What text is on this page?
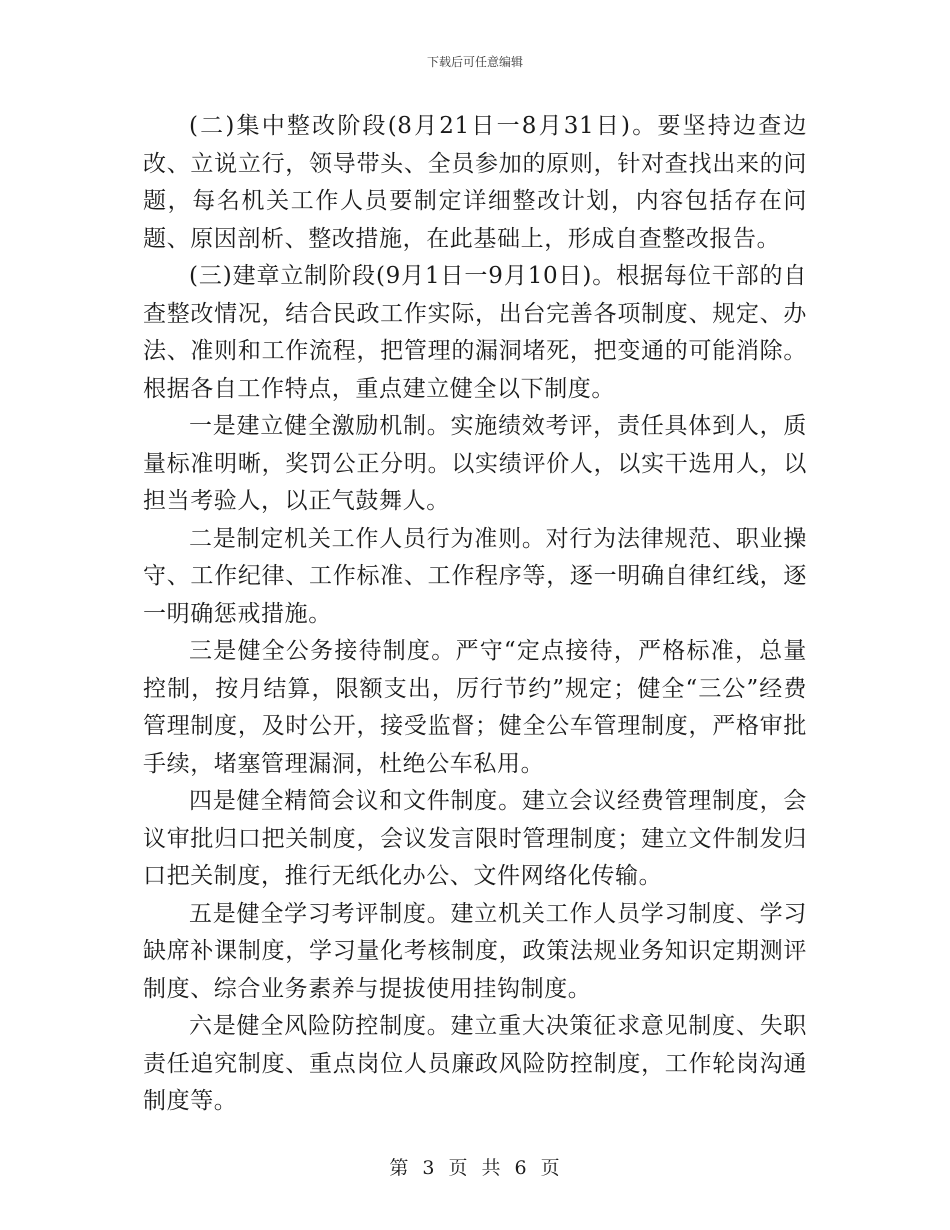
下载后可任意编辑

(二)集中整改阶段(8月21日一8月31日)。要坚持边查边改、立说立行，领导带头、全员参加的原则，针对查找出来的问题，每名机关工作人员要制定详细整改计划，内容包括存在问题、原因剖析、整改措施，在此基础上，形成自查整改报告。

(三)建章立制阶段(9月1日一9月10日)。根据每位干部的自查整改情况，结合民政工作实际，出台完善各项制度、规定、办法、准则和工作流程，把管理的漏洞堵死，把变通的可能消除。根据各自工作特点，重点建立健全以下制度。

一是建立健全激励机制。实施绩效考评，责任具体到人，质量标准明晰，奖罚公正分明。以实绩评价人，以实干选用人，以担当考验人，以正气鼓舞人。

二是制定机关工作人员行为准则。对行为法律规范、职业操守、工作纪律、工作标准、工作程序等，逐一明确自律红线，逐一明确惩戒措施。

三是健全公务接待制度。严守“定点接待，严格标准，总量控制，按月结算，限额支出，厉行节约”规定；健全“三公”经费管理制度，及时公开，接受监督；健全公车管理制度，严格审批手续，堵塞管理漏洞，杜绝公车私用。

四是健全精简会议和文件制度。建立会议经费管理制度，会议审批归口把关制度，会议发言限时管理制度；建立文件制发归口把关制度，推行无纸化办公、文件网络化传输。

五是健全学习考评制度。建立机关工作人员学习制度、学习缺席补课制度，学习量化考核制度，政策法规业务知识定期测评制度、综合业务素养与提拔使用挂钩制度。

六是健全风险防控制度。建立重大决策征求意见制度、失职责任追究制度、重点岗位人员廉政风险防控制度，工作轮岗沟通制度等。

第 3 页 共 6 页
